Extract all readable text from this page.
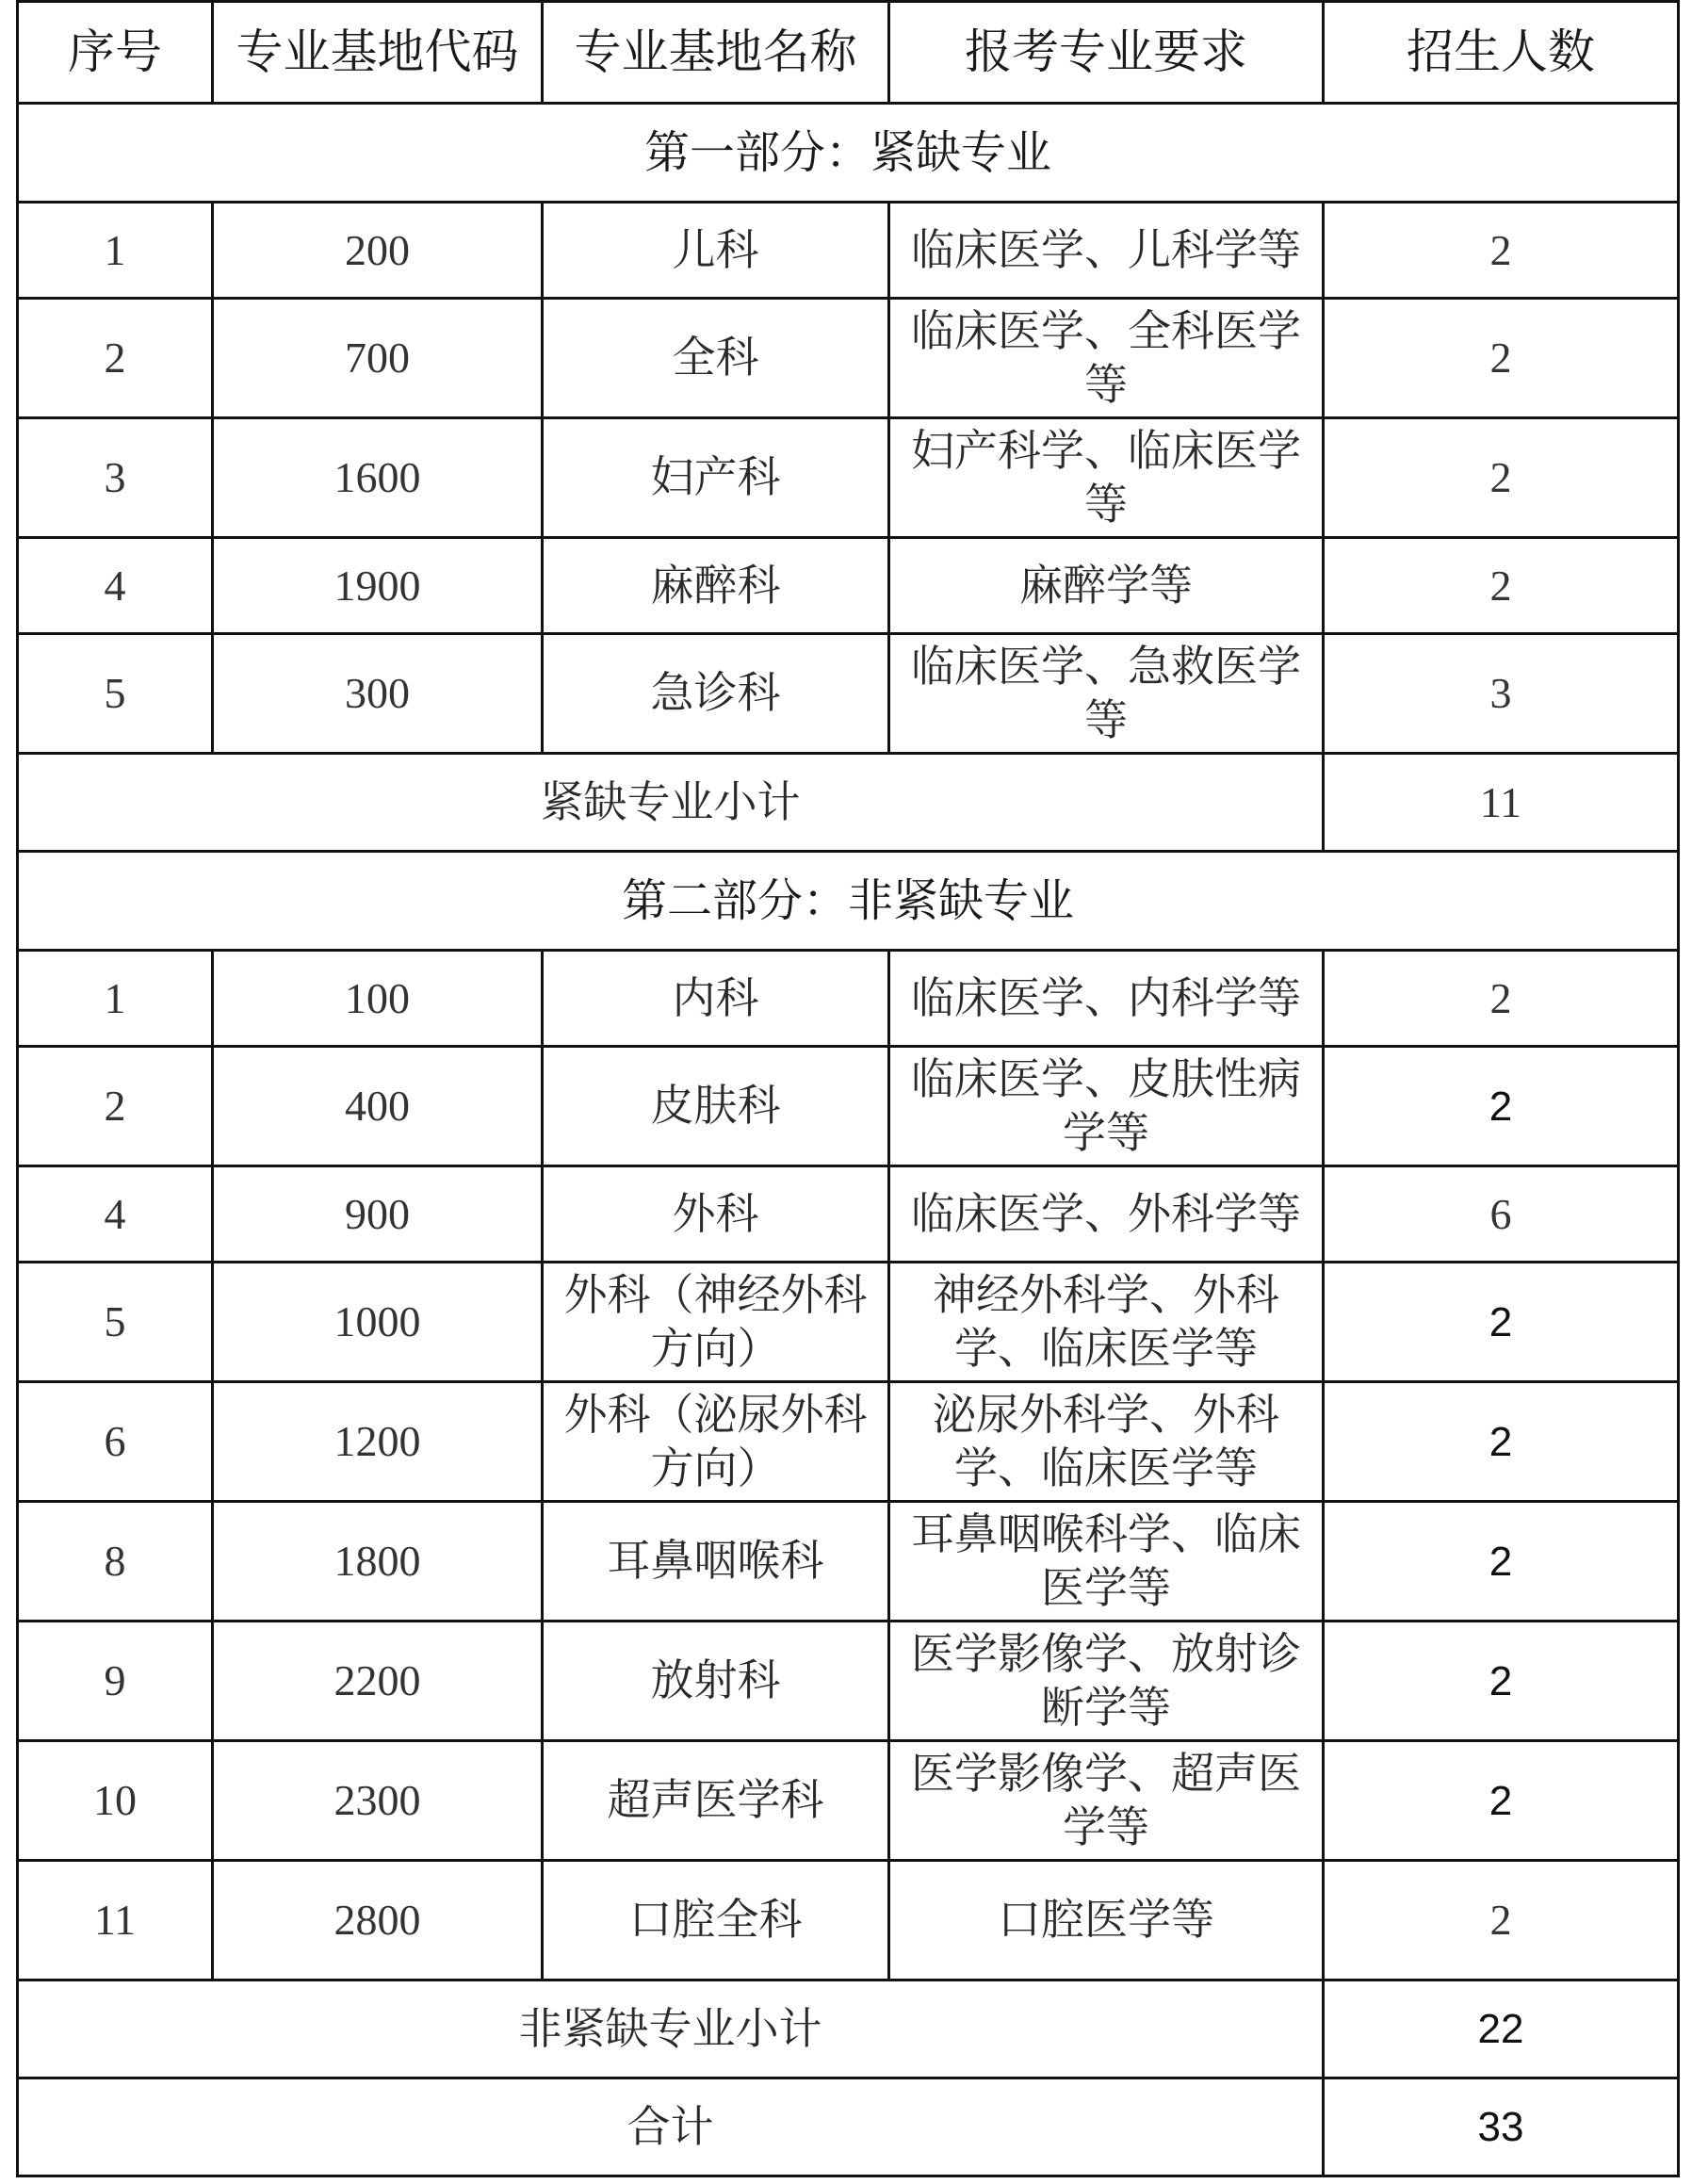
序号	专业基地代码	专业基地名称	报考专业要求	招生人数
第一部分：紧缺专业				
1	200	儿科	临床医学、儿科学等	2
2	700	全科	临床医学、全科医学等	2
3	1600	妇产科	妇产科学、临床医学等	2
4	1900	麻醉科	麻醉学等	2
5	300	急诊科	临床医学、急救医学等	3
紧缺专业小计				11
第二部分：非紧缺专业				
1	100	内科	临床医学、内科学等	2
2	400	皮肤科	临床医学、皮肤性病学等	2
4	900	外科	临床医学、外科学等	6
5	1000	外科（神经外科方向）	神经外科学、外科学、临床医学等	2
6	1200	外科（泌尿外科方向）	泌尿外科学、外科学、临床医学等	2
8	1800	耳鼻咽喉科	耳鼻咽喉科学、临床医学等	2
9	2200	放射科	医学影像学、放射诊断学等	2
10	2300	超声医学科	医学影像学、超声医学等	2
11	2800	口腔全科	口腔医学等	2
非紧缺专业小计				22
合计				33
